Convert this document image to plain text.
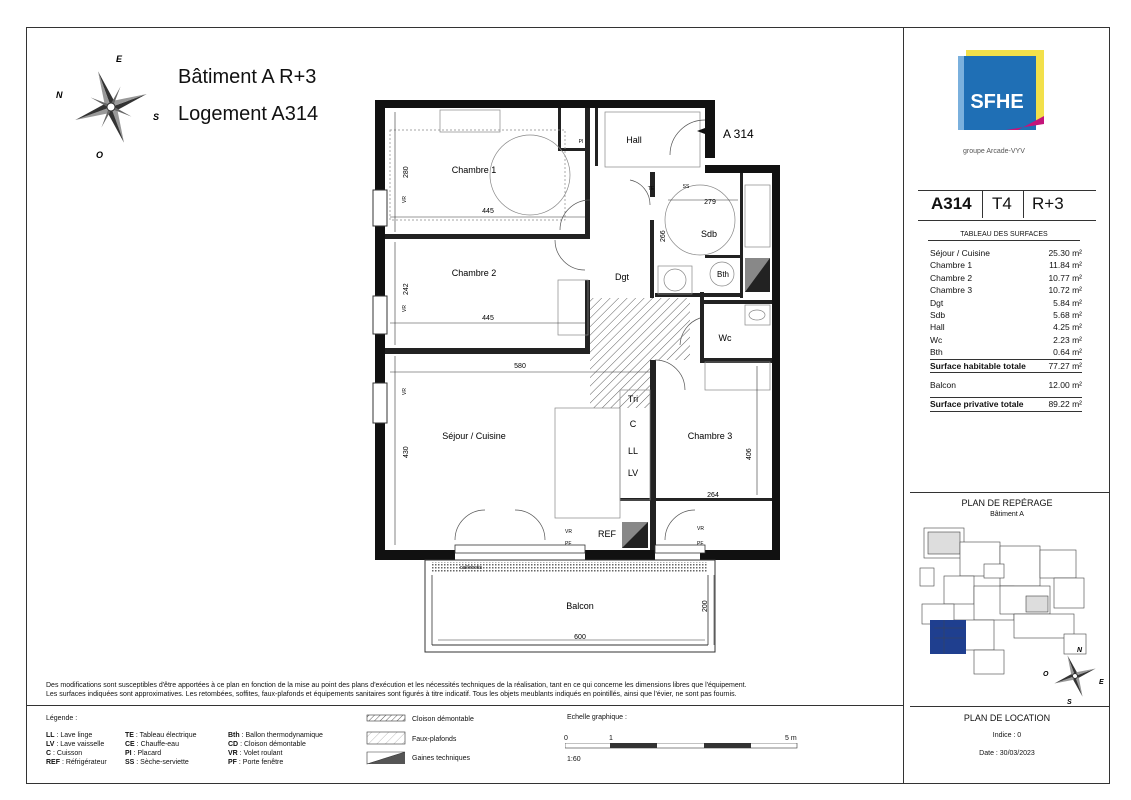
N
E
S
O
Bâtiment A R+3
Logement A314
Chambre 1
Chambre 2
Chambre 3
Hall
Sdb
Dgt	Bth
Wc
Séjour / Cuisine
Balcon
Tri
C
LL
LV
REF
TE	SS
PI
caillebotis
A 314
445
445
580
264
279
600
280
242
430
266
406
200
VR
VR
VR
VR	VR
PF	PF
Des modifications sont susceptibles d'être apportées à ce plan en fonction de la mise au point des plans d'exécution et les nécessités techniques de la réalisation, tant en ce qui concerne les dimensions libres que l'équipement.
Les surfaces indiquées sont approximatives. Les retombées, soffites, faux-plafonds et équipements sanitaires sont figurés à titre indicatif. Tous les objets meublants indiqués en pointillés, ainsi que l'évier, ne sont pas fournis.
Légende :
LL : Lave linge
LV : Lave vaisselle
C : Cuisson
REF : Réfrigérateur
TE : Tableau électrique
CE : Chauffe-eau
PI : Placard
SS : Sèche-serviette
Bth : Ballon thermodynamique
CD : Cloison démontable
VR : Volet roulant
PF : Porte fenêtre
Cloison démontable
Faux-plafonds
Gaines techniques
Echelle graphique :
0	1	5 m
1:60
SFHE
groupe Arcade-VYV
A314 T4 R+3
TABLEAU DES SURFACES
Séjour / Cuisine	25.30 m²
Chambre 1	11.84 m²
Chambre 2	10.77 m²
Chambre 3	10.72 m²
Dgt	5.84 m²
Sdb	5.68 m²
Hall	4.25 m²
Wc	2.23 m²
Bth	0.64 m²
Surface habitable totale	77.27 m²
Balcon	12.00 m²
Surface privative totale	89.22 m²
PLAN DE REPÉRAGE
Bâtiment A
N
O
E
S
PLAN DE LOCATION
Indice : 0
Date : 30/03/2023
